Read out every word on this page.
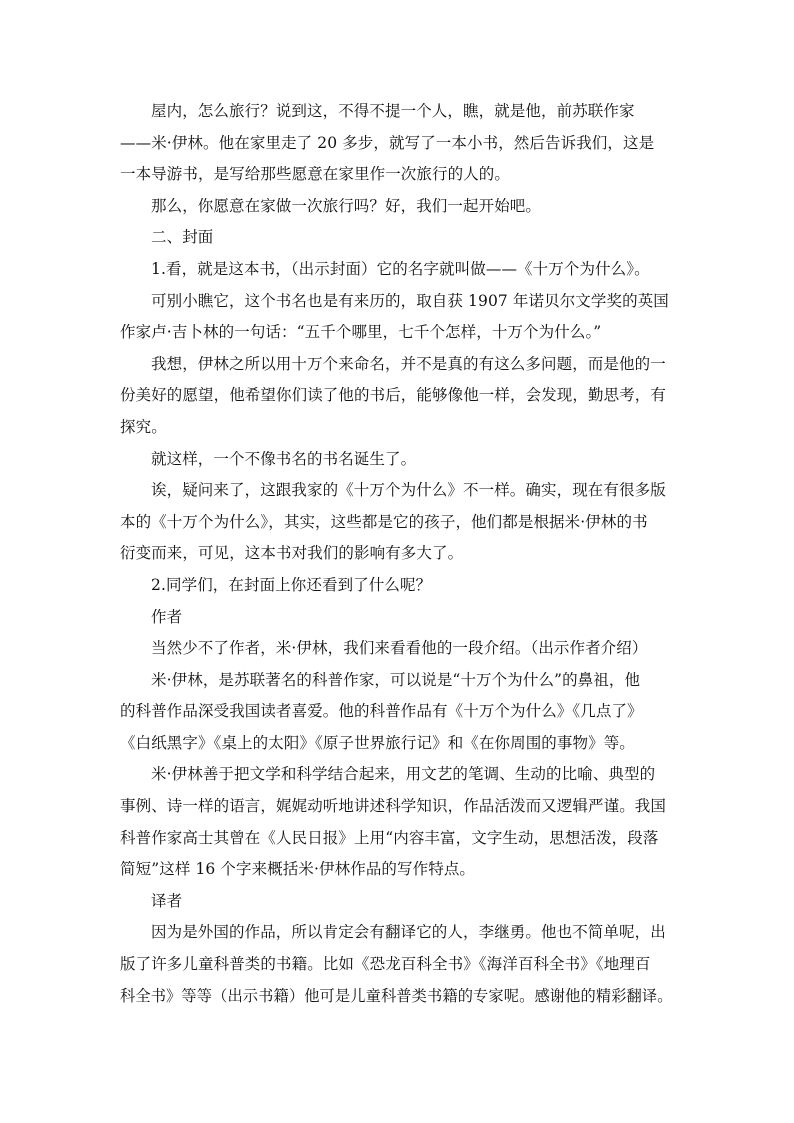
屋内，怎么旅行？说到这，不得不提一个人，瞧，就是他，前苏联作家
——米·伊林。他在家里走了 20 多步，就写了一本小书，然后告诉我们，这是
一本导游书，是写给那些愿意在家里作一次旅行的人的。
那么，你愿意在家做一次旅行吗？好，我们一起开始吧。
二、封面
1.看，就是这本书，（出示封面）它的名字就叫做——《十万个为什么》。
可别小瞧它，这个书名也是有来历的，取自获 1907 年诺贝尔文学奖的英国
作家卢·吉卜林的一句话：“五千个哪里，七千个怎样，十万个为什么。”
我想，伊林之所以用十万个来命名，并不是真的有这么多问题，而是他的一
份美好的愿望，他希望你们读了他的书后，能够像他一样，会发现，勤思考，有
探究。
就这样，一个不像书名的书名诞生了。
诶，疑问来了，这跟我家的《十万个为什么》不一样。确实，现在有很多版
本的《十万个为什么》，其实，这些都是它的孩子，他们都是根据米·伊林的书
衍变而来，可见，这本书对我们的影响有多大了。
2.同学们，在封面上你还看到了什么呢？
作者
当然少不了作者，米·伊林，我们来看看他的一段介绍。（出示作者介绍）
米·伊林，是苏联著名的科普作家，可以说是“十万个为什么”的鼻祖，他
的科普作品深受我国读者喜爱。他的科普作品有《十万个为什么》《几点了》
《白纸黑字》《桌上的太阳》《原子世界旅行记》和《在你周围的事物》等。
米·伊林善于把文学和科学结合起来，用文艺的笔调、生动的比喻、典型的
事例、诗一样的语言，娓娓动听地讲述科学知识，作品活泼而又逻辑严谨。我国
科普作家高士其曾在《人民日报》上用“内容丰富，文字生动，思想活泼，段落
简短”这样 16 个字来概括米·伊林作品的写作特点。
译者
因为是外国的作品，所以肯定会有翻译它的人，李继勇。他也不简单呢，出
版了许多儿童科普类的书籍。比如《恐龙百科全书》《海洋百科全书》《地理百
科全书》等等（出示书籍）他可是儿童科普类书籍的专家呢。感谢他的精彩翻译。
